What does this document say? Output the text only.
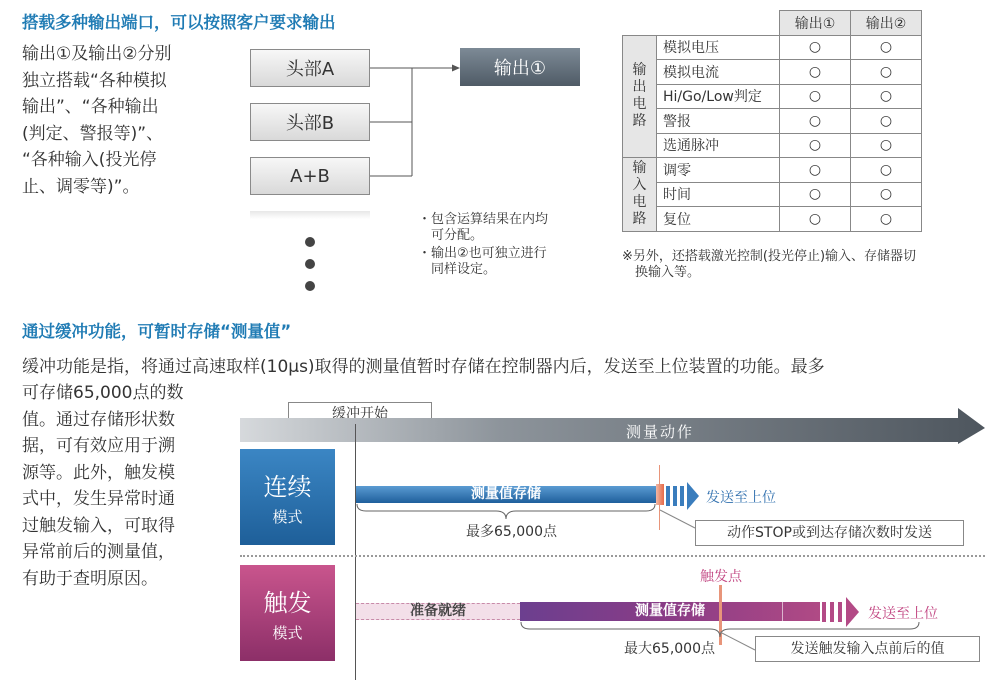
搭载多种输出端口，可以按照客户要求输出
输出①及输出②分别
独立搭载“各种模拟
输出”、“各种输出
(判定、警报等)”、
“各种输入(投光停
止、调零等)”。
头部A
头部B
A+B
输出①
・ 包含运算结果在内均
可分配。
・ 输出②也可独立进行
同样设定。
		输出①	输出②

输出电路	模拟电压	○	○
	模拟电流	○	○
	Hi/Go/Low判定	○	○
	警报	○	○
	选通脉冲	○	○

输入电路	调零	○	○
	时间	○	○
	复位	○	○
※另外，还搭载激光控制(投光停止)输入、存储器切
换输入等。
通过缓冲功能，可暂时存储“测量值”
缓冲功能是指，将通过高速取样(10μs)取得的测量值暂时存储在控制器内后，发送至上位装置的功能。最多
可存储65,000点的数
值。通过存储形状数
据，可有效应用于溯
源等。此外，触发模
式中，发生异常时通
过触发输入，可取得
异常前后的测量值，
有助于查明原因。
缓冲开始
测量动作
连续
模式
测量值存储	发送至上位
最多65,000点	动作STOP或到达存储次数时发送
触发
模式
触发点
准备就绪	测量值存储	发送至上位
最大65,000点	发送触发输入点前后的值
